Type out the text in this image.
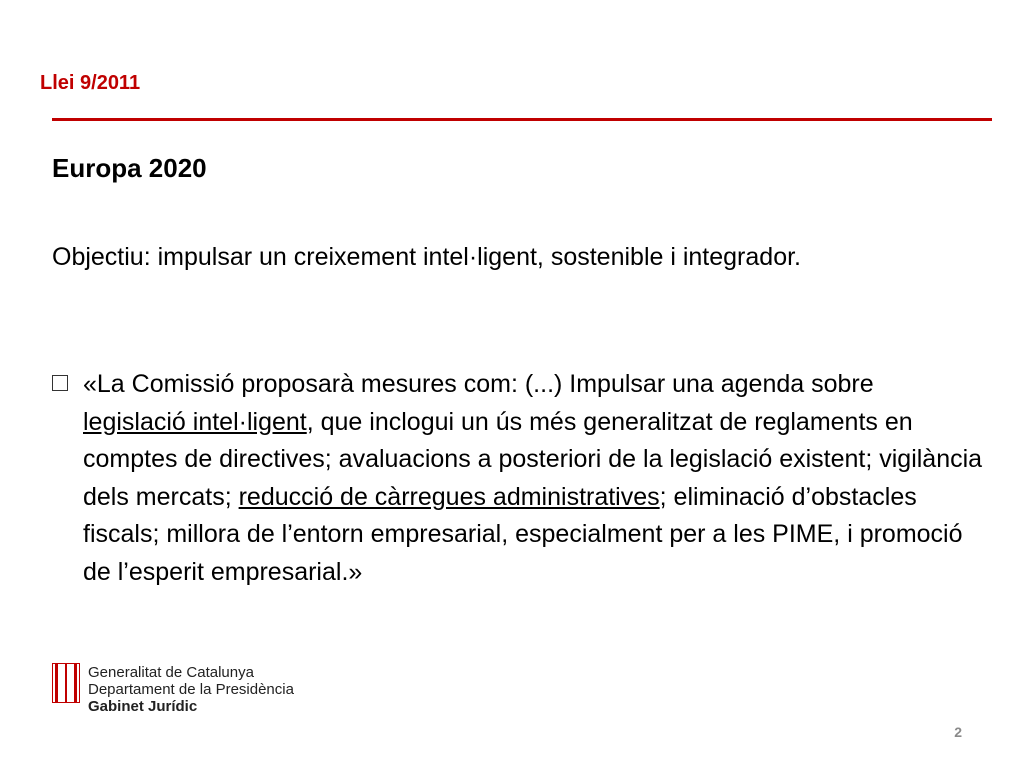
Llei 9/2011
Europa 2020
Objectiu: impulsar un creixement intel·ligent, sostenible i integrador.
«La Comissió proposarà mesures com: (...) Impulsar una agenda sobre legislació intel·ligent, que inclogui un ús més generalitzat de reglaments en comptes de directives; avaluacions a posteriori de la legislació existent; vigilància dels mercats; reducció de càrregues administratives; eliminació d’obstacles fiscals; millora de l’entorn empresarial, especialment per a les PIME, i promoció de l’esperit empresarial.»
Generalitat de Catalunya
Departament de la Presidència
Gabinet Jurídic
2
